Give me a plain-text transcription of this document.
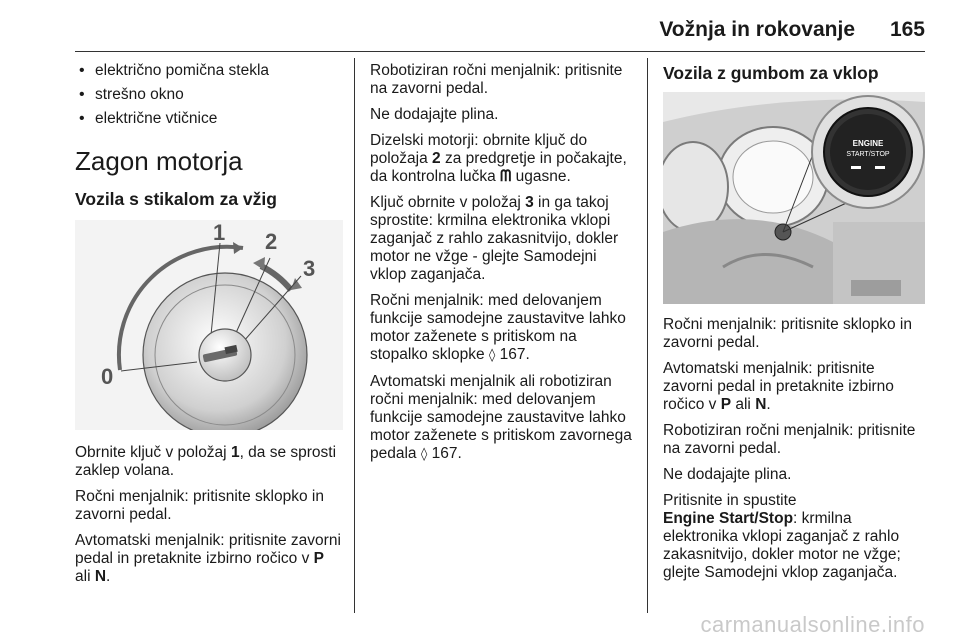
Vožnja in rokovanje 165
• električno pomična stekla
• strešno okno
• električne vtičnice
Zagon motorja
Vozila s stikalom za vžig
0
1 2
3

Obrnite ključ v položaj 1, da se sprosti zaklep volana.

Ročni menjalnik: pritisnite sklopko in zavorni pedal.

Avtomatski menjalnik: pritisnite zavorni pedal in pretaknite izbirno ročico v P ali N.

Robotiziran ročni menjalnik: pritisnite na zavorni pedal.

Ne dodajajte plina.

Dizelski motorji: obrnite ključ do položaja 2 za predgretje in počakajte, da kontrolna lučka ᗰ ugasne.

Ključ obrnite v položaj 3 in ga takoj sprostite: krmilna elektronika vklopi zaganjač z rahlo zakasnitvijo, dokler motor ne vžge - glejte Samodejni vklop zaganjača.

Ročni menjalnik: med delovanjem funkcije samodejne zaustavitve lahko motor zaženete s pritiskom na stopalko sklopke ◊ 167.

Avtomatski menjalnik ali robotiziran ročni menjalnik: med delovanjem funkcije samodejne zaustavitve lahko motor zaženete s pritiskom zavornega pedala ◊ 167.

Vozila z gumbom za vklop
ENGINE
START/STOP

Ročni menjalnik: pritisnite sklopko in zavorni pedal.

Avtomatski menjalnik: pritisnite zavorni pedal in pretaknite izbirno ročico v P ali N.

Robotiziran ročni menjalnik: pritisnite na zavorni pedal.

Ne dodajajte plina.

Pritisnite in spustite
Engine Start/Stop: krmilna elektronika vklopi zaganjač z rahlo zakasnitvijo, dokler motor ne vžge; glejte Samodejni vklop zaganjača.

carmanualsonline.info
